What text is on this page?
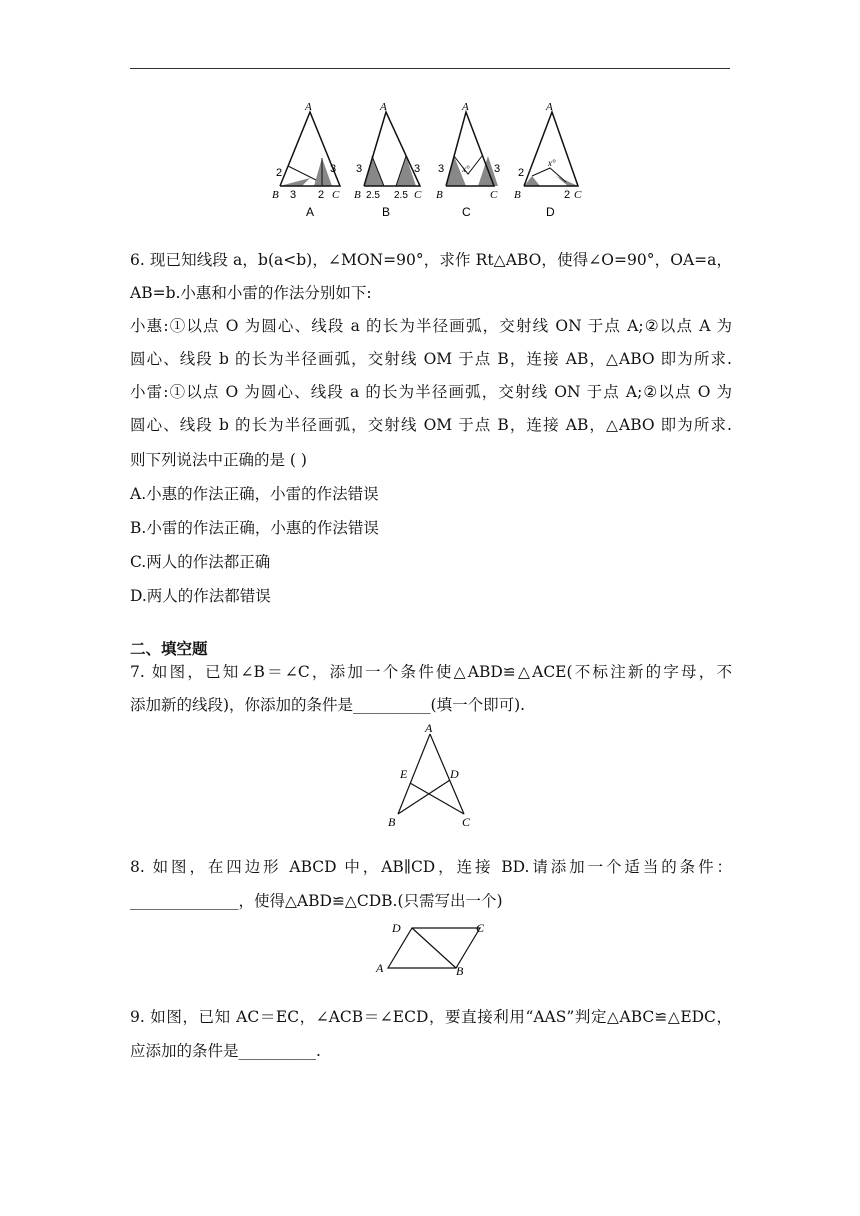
A
2	3
B 3 2 C
A
A
3	3
B 2.5 2.5 C
B
A
3	3
x°
B	C
C
A
2
x°
B	2 C
D
6. 现已知线段 a，b(a<b)，∠MON=90°，求作 Rt△ABO，使得∠O=90°，OA=a，
AB=b.小惠和小雷的作法分别如下:
小惠:①以点 O 为圆心、线段 a 的长为半径画弧，交射线 ON 于点 A;②以点 A 为
圆心、线段 b 的长为半径画弧，交射线 OM 于点 B，连接 AB，△ABO 即为所求.
小雷:①以点 O 为圆心、线段 a 的长为半径画弧，交射线 ON 于点 A;②以点 O 为
圆心、线段 b 的长为半径画弧，交射线 OM 于点 B，连接 AB，△ABO 即为所求.
则下列说法中正确的是 ( )
A.小惠的作法正确，小雷的作法错误
B.小雷的作法正确，小惠的作法错误
C.两人的作法都正确
D.两人的作法都错误
二、填空题
7. 如图，已知∠B＝∠C，添加一个条件使△ABD≌△ACE(不标注新的字母，不
添加新的线段)，你添加的条件是__________(填一个即可).
A
E	D
B	C
8. 如图，在四边形 ABCD 中，AB∥CD，连接 BD.请添加一个适当的条件：
______________，使得△ABD≌△CDB.(只需写出一个)
D	C
A	B
9. 如图，已知 AC＝EC，∠ACB＝∠ECD，要直接利用“AAS”判定△ABC≌△EDC，
应添加的条件是__________.
